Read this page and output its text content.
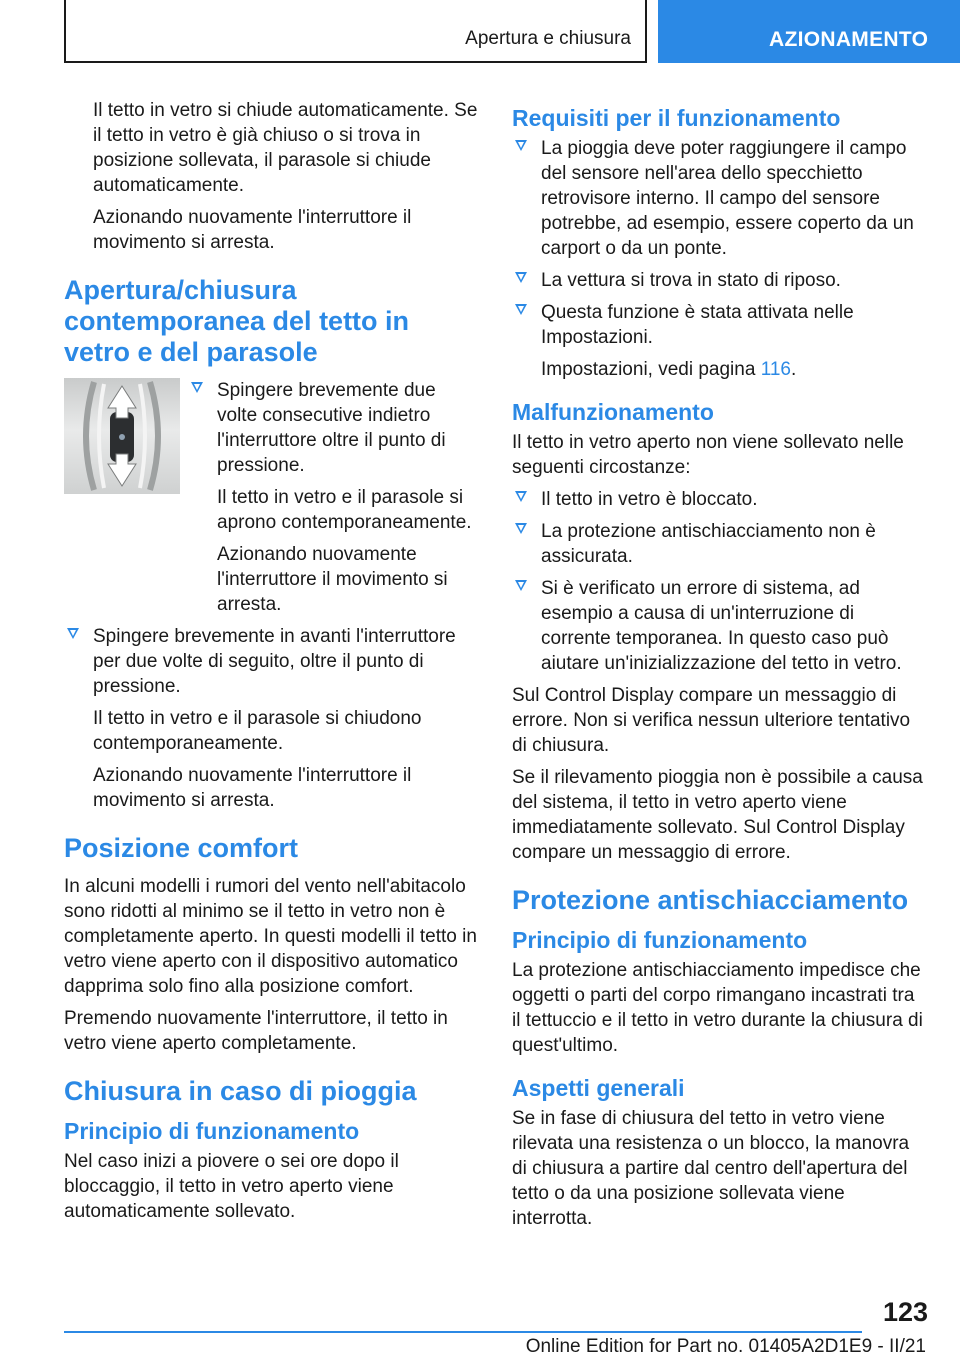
Apertura e chiusura	AZIONAMENTO

Il tetto in vetro si chiude automaticamente. Se il tetto in vetro è già chiuso o si trova in posizione sollevata, il parasole si chiude automaticamente.

Azionando nuovamente l'interruttore il movimento si arresta.

Apertura/chiusura contemporanea del tetto in vetro e del parasole

Spingere brevemente due volte consecutive indietro l'interruttore oltre il punto di pressione.

Il tetto in vetro e il parasole si aprono contemporaneamente.

Azionando nuovamente l'interruttore il movimento si arresta.

Spingere brevemente in avanti l'interruttore per due volte di seguito, oltre il punto di pressione.

Il tetto in vetro e il parasole si chiudono contemporaneamente.

Azionando nuovamente l'interruttore il movimento si arresta.

Posizione comfort

In alcuni modelli i rumori del vento nell'abitacolo sono ridotti al minimo se il tetto in vetro non è completamente aperto. In questi modelli il tetto in vetro viene aperto con il dispositivo automatico dapprima solo fino alla posizione comfort.

Premendo nuovamente l'interruttore, il tetto in vetro viene aperto completamente.

Chiusura in caso di pioggia
Principio di funzionamento

Nel caso inizi a piovere o sei ore dopo il bloccaggio, il tetto in vetro aperto viene automaticamente sollevato.

Requisiti per il funzionamento

La pioggia deve poter raggiungere il campo del sensore nell'area dello specchietto retrovisore interno. Il campo del sensore potrebbe, ad esempio, essere coperto da un carport o da un ponte.

La vettura si trova in stato di riposo.

Questa funzione è stata attivata nelle Impostazioni.

Impostazioni, vedi pagina 116.

Malfunzionamento

Il tetto in vetro aperto non viene sollevato nelle seguenti circostanze:

Il tetto in vetro è bloccato.

La protezione antischiacciamento non è assicurata.

Si è verificato un errore di sistema, ad esempio a causa di un'interruzione di corrente temporanea. In questo caso può aiutare un'inizializzazione del tetto in vetro.

Sul Control Display compare un messaggio di errore. Non si verifica nessun ulteriore tentativo di chiusura.

Se il rilevamento pioggia non è possibile a causa del sistema, il tetto in vetro aperto viene immediatamente sollevato. Sul Control Display compare un messaggio di errore.

Protezione antischiacciamento
Principio di funzionamento

La protezione antischiacciamento impedisce che oggetti o parti del corpo rimangano incastrati tra il tettuccio e il tetto in vetro durante la chiusura di quest'ultimo.

Aspetti generali

Se in fase di chiusura del tetto in vetro viene rilevata una resistenza o un blocco, la manovra di chiusura a partire dal centro dell'apertura del tetto o da una posizione sollevata viene interrotta.

123
Online Edition for Part no. 01405A2D1E9 - II/21
